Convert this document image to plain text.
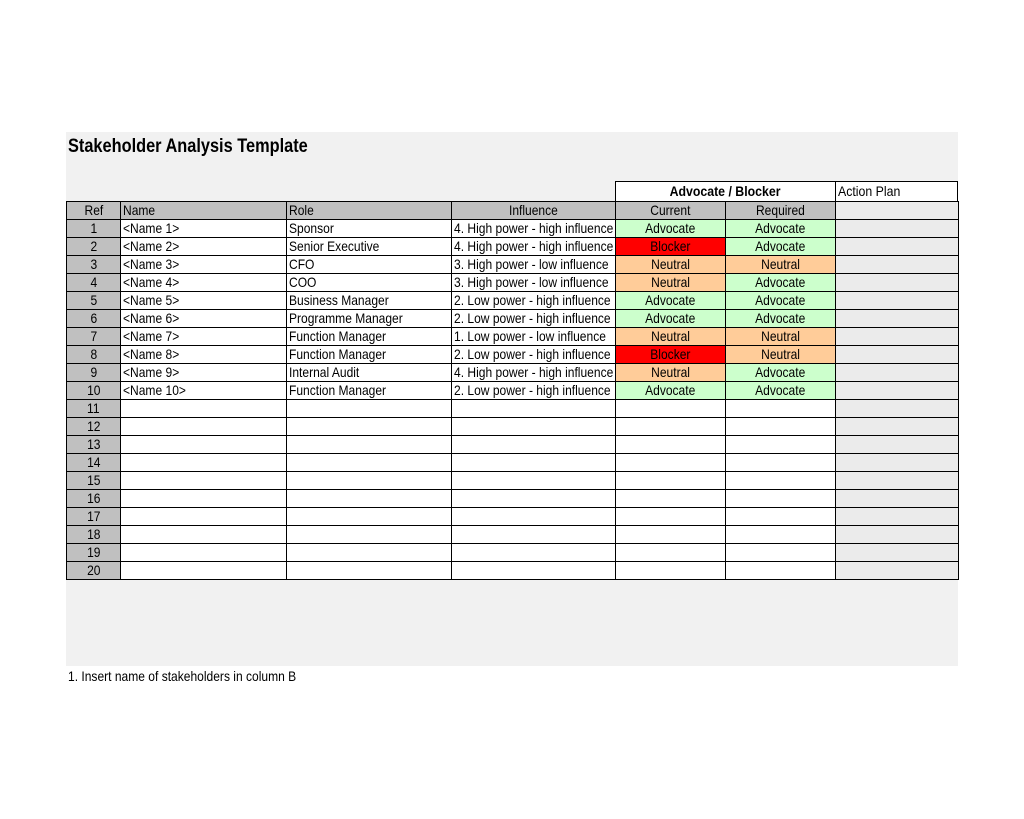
Stakeholder Analysis Template
Advocate / Blocker	Action Plan
Ref	Name	Role	Influence	Current	Required	
1	<Name 1>	Sponsor	4. High power - high influence	Advocate	Advocate	
2	<Name 2>	Senior Executive	4. High power - high influence	Blocker	Advocate	
3	<Name 3>	CFO	3. High power - low influence	Neutral	Neutral	
4	<Name 4>	COO	3. High power - low influence	Neutral	Advocate	
5	<Name 5>	Business Manager	2. Low power - high influence	Advocate	Advocate	
6	<Name 6>	Programme Manager	2. Low power - high influence	Advocate	Advocate	
7	<Name 7>	Function Manager	1. Low power - low influence	Neutral	Neutral	
8	<Name 8>	Function Manager	2. Low power - high influence	Blocker	Neutral	
9	<Name 9>	Internal Audit	4. High power - high influence	Neutral	Advocate	
10	<Name 10>	Function Manager	2. Low power - high influence	Advocate	Advocate	
11						
12						
13						
14						
15						
16						
17						
18						
19						
20						
1. Insert name of stakeholders in column B
